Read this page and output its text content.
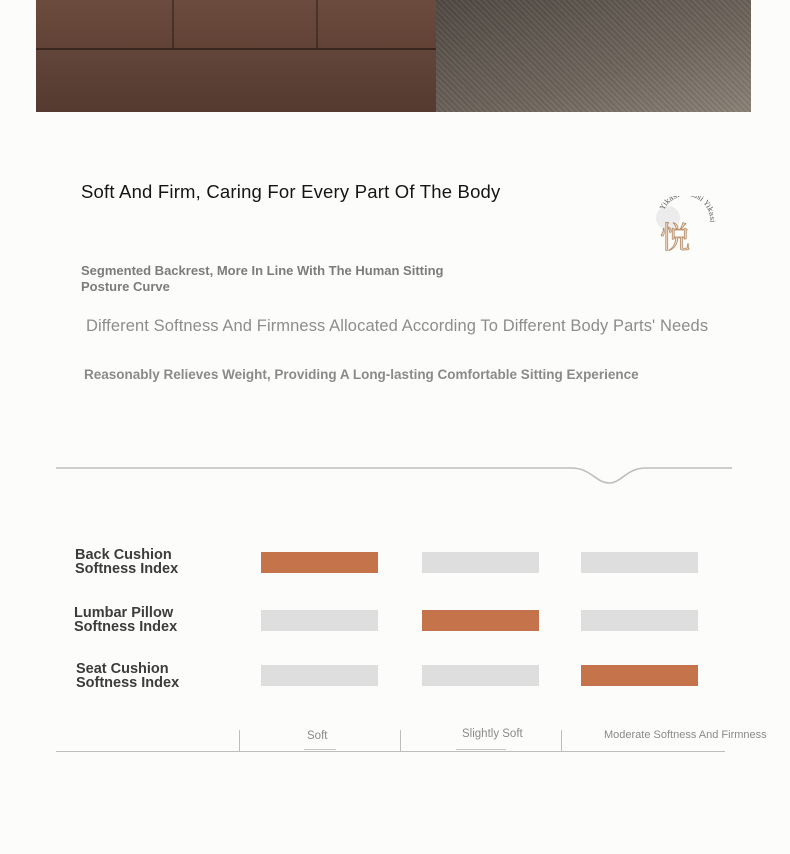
Soft And Firm, Caring For Every Part Of The Body
Yikas si Yikasi
悦
Segmented Backrest, More In Line With The Human Sitting Posture Curve
Different Softness And Firmness Allocated According To Different Body Parts' Needs
Reasonably Relieves Weight, Providing A Long-lasting Comfortable Sitting Experience
Back Cushion
Softness Index
Lumbar Pillow
Softness Index
Seat Cushion
Softness Index
Soft	Slightly Soft	Moderate Softness And Firmness
